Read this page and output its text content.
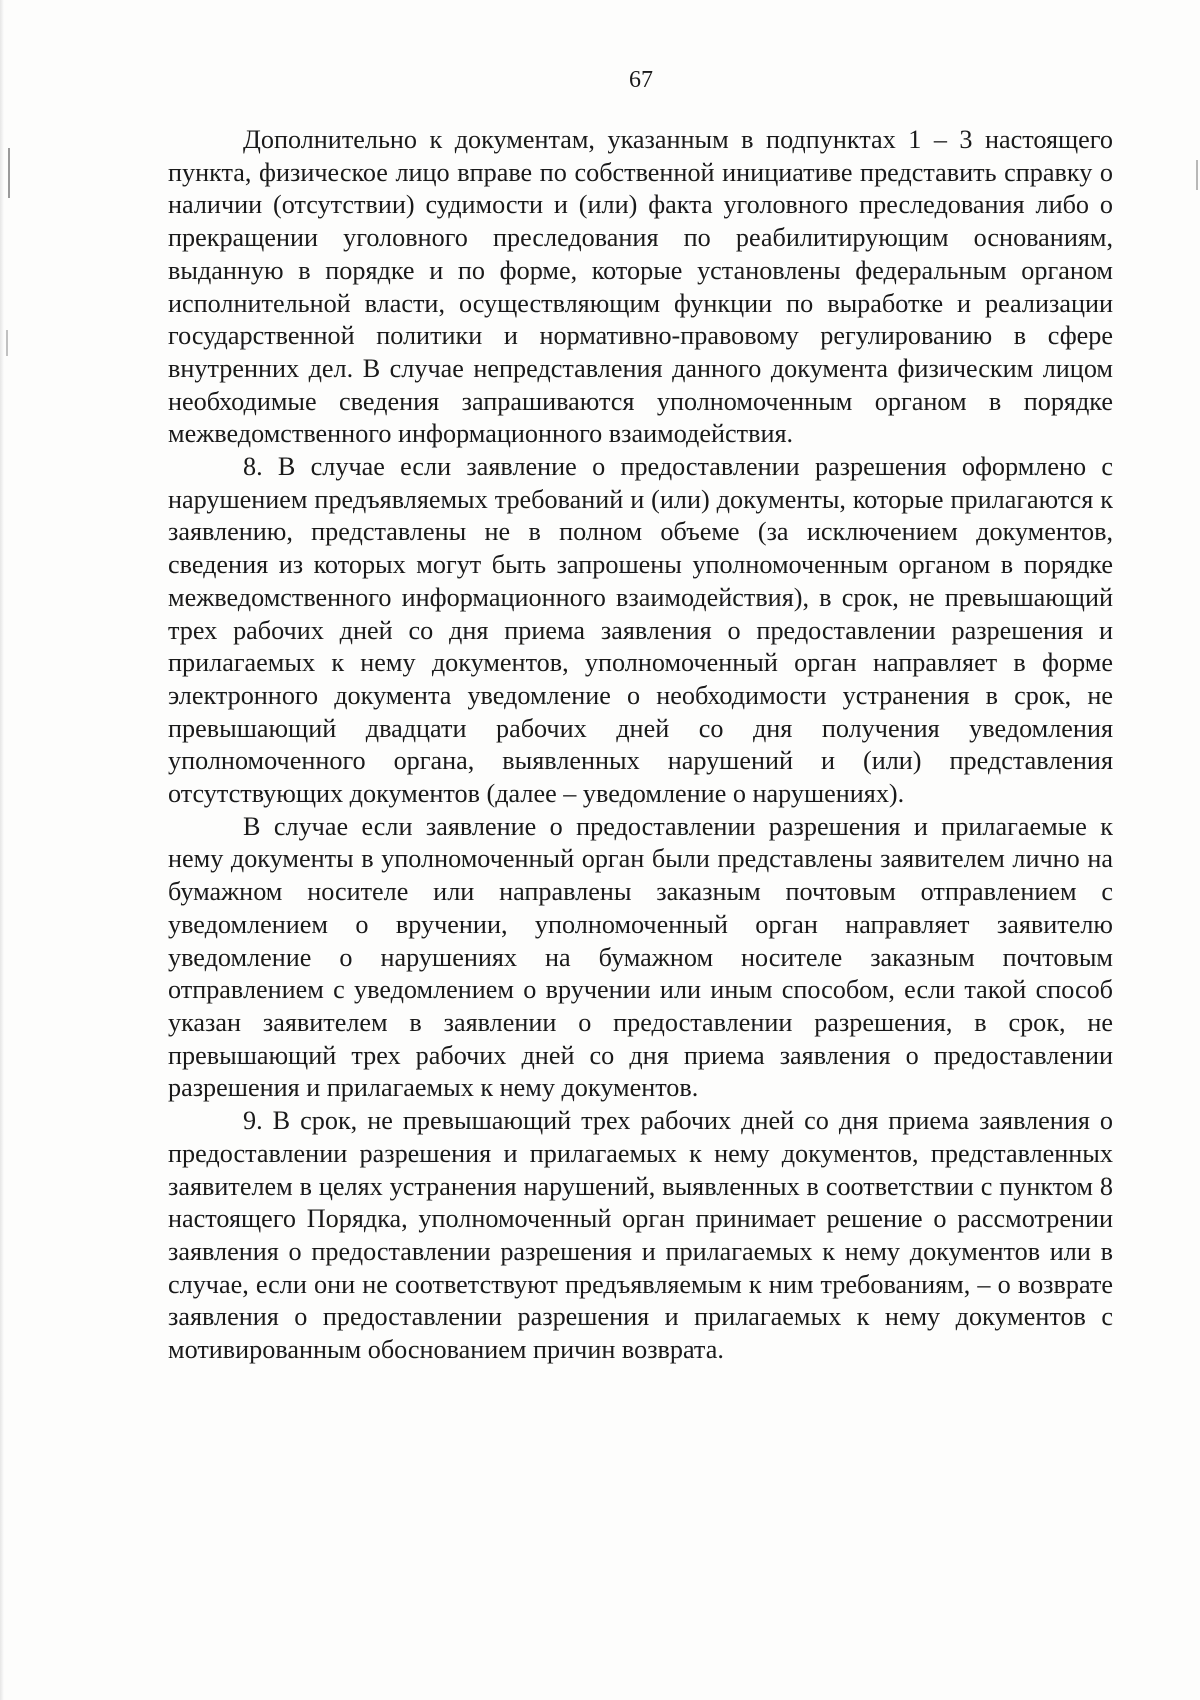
67

Дополнительно к документам, указанным в подпунктах 1 – 3 настоящего пункта, физическое лицо вправе по собственной инициативе представить справку о наличии (отсутствии) судимости и (или) факта уголовного преследования либо о прекращении уголовного преследования по реабилитирующим основаниям, выданную в порядке и по форме, которые установлены федеральным органом исполнительной власти, осуществляющим функции по выработке и реализации государственной политики и нормативно-правовому регулированию в сфере внутренних дел. В случае непредставления данного документа физическим лицом необходимые сведения запрашиваются уполномоченным органом в порядке межведомственного информационного взаимодействия.

8. В случае если заявление о предоставлении разрешения оформлено с нарушением предъявляемых требований и (или) документы, которые прилагаются к заявлению, представлены не в полном объеме (за исключением документов, сведения из которых могут быть запрошены уполномоченным органом в порядке межведомственного информационного взаимодействия), в срок, не превышающий трех рабочих дней со дня приема заявления о предоставлении разрешения и прилагаемых к нему документов, уполномоченный орган направляет в форме электронного документа уведомление о необходимости устранения в срок, не превышающий двадцати рабочих дней со дня получения уведомления уполномоченного органа, выявленных нарушений и (или) представления отсутствующих документов (далее – уведомление о нарушениях).

В случае если заявление о предоставлении разрешения и прилагаемые к нему документы в уполномоченный орган были представлены заявителем лично на бумажном носителе или направлены заказным почтовым отправлением с уведомлением о вручении, уполномоченный орган направляет заявителю уведомление о нарушениях на бумажном носителе заказным почтовым отправлением с уведомлением о вручении или иным способом, если такой способ указан заявителем в заявлении о предоставлении разрешения, в срок, не превышающий трех рабочих дней со дня приема заявления о предоставлении разрешения и прилагаемых к нему документов.

9. В срок, не превышающий трех рабочих дней со дня приема заявления о предоставлении разрешения и прилагаемых к нему документов, представленных заявителем в целях устранения нарушений, выявленных в соответствии с пунктом 8 настоящего Порядка, уполномоченный орган принимает решение о рассмотрении заявления о предоставлении разрешения и прилагаемых к нему документов или в случае, если они не соответствуют предъявляемым к ним требованиям, – о возврате заявления о предоставлении разрешения и прилагаемых к нему документов с мотивированным обоснованием причин возврата.
